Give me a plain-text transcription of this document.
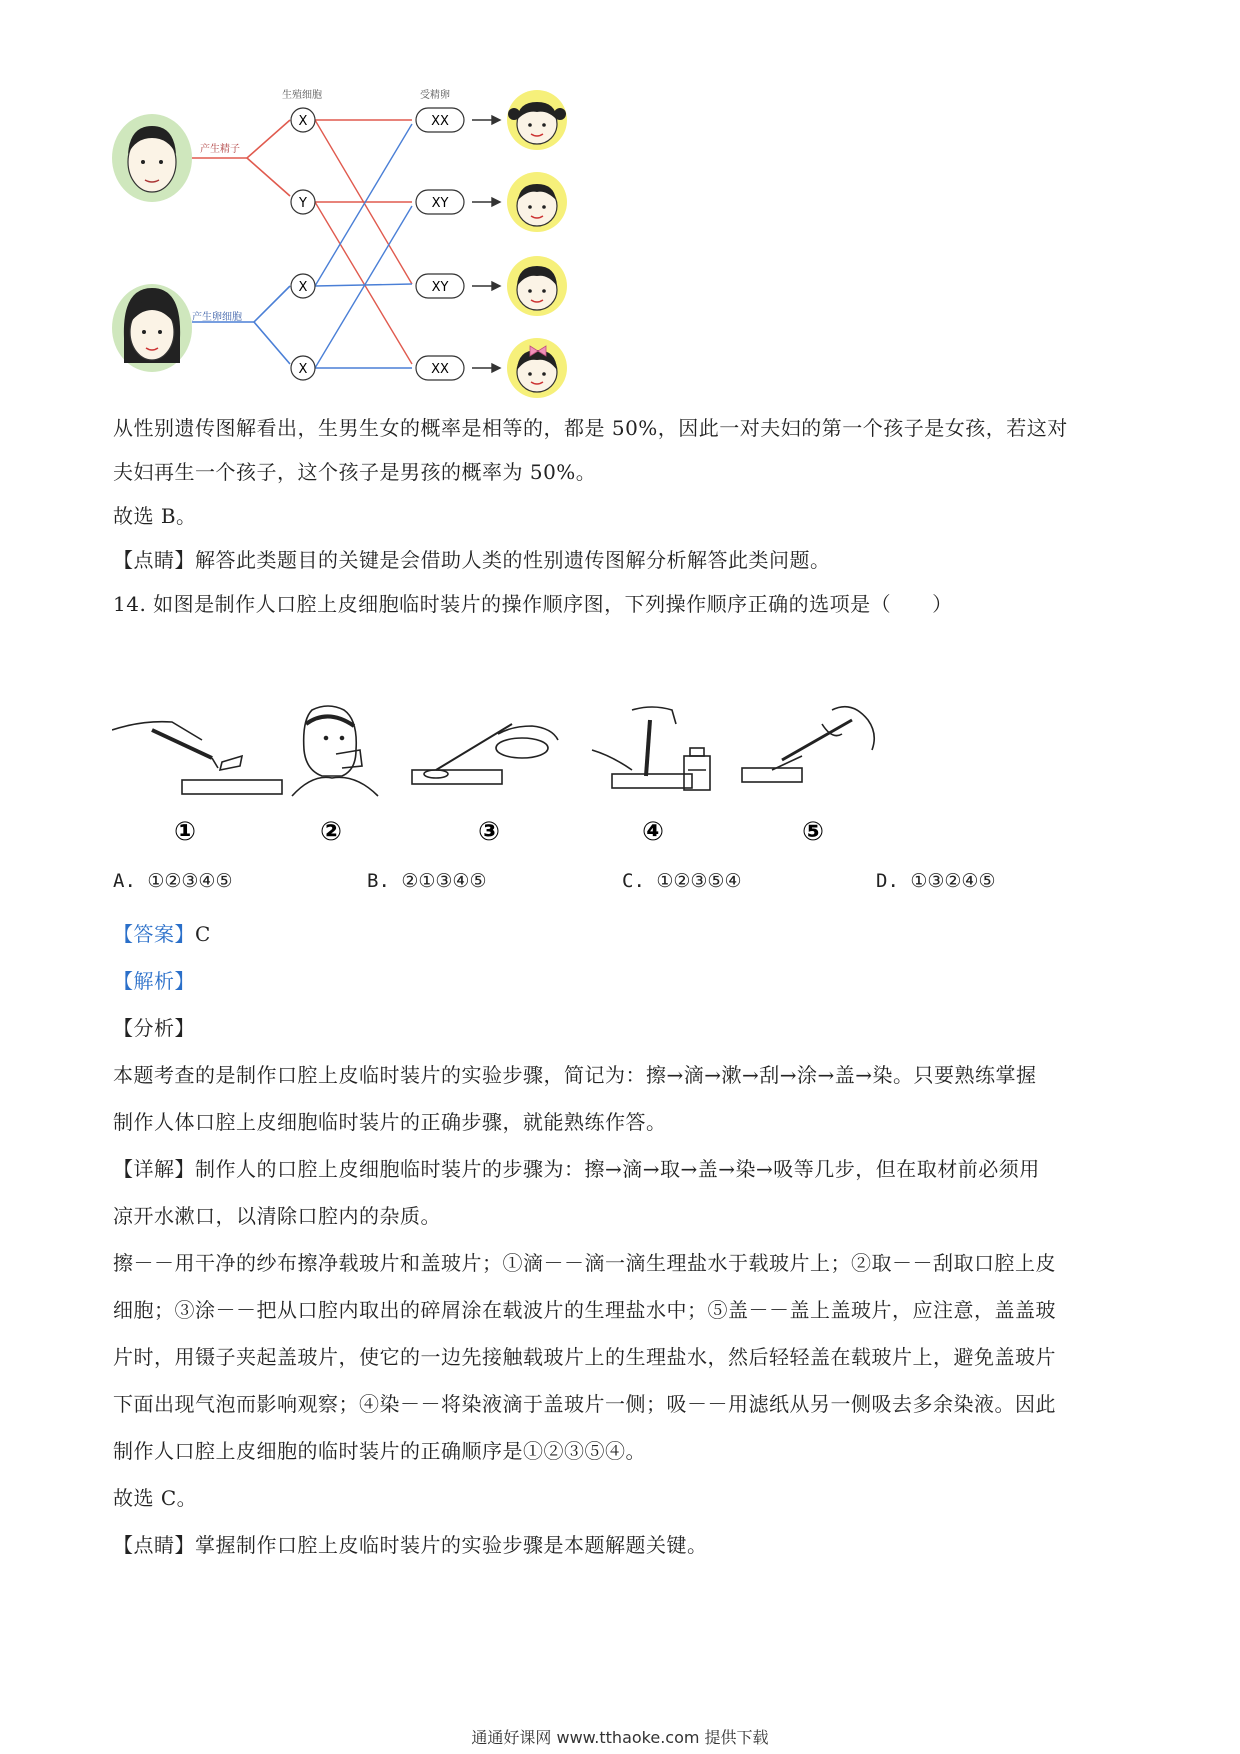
产生精子
产生卵细胞
生殖细胞	受精卵
X
Y
X
X
XX
XY
XY
XX
从性别遗传图解看出，生男生女的概率是相等的，都是 50%，因此一对夫妇的第一个孩子是女孩，若这对
夫妇再生一个孩子，这个孩子是男孩的概率为 50%。
故选 B。
【点睛】解答此类题目的关键是会借助人类的性别遗传图解分析解答此类问题。
14. 如图是制作人口腔上皮细胞临时装片的操作顺序图，下列操作顺序正确的选项是（　　）
①	②	③	④	⑤
A. ①②③④⑤	B. ②①③④⑤	C. ①②③⑤④	D. ①③②④⑤
【答案】C
【解析】
【分析】
本题考查的是制作口腔上皮临时装片的实验步骤，简记为：擦→滴→漱→刮→涂→盖→染。只要熟练掌握
制作人体口腔上皮细胞临时装片的正确步骤，就能熟练作答。
【详解】制作人的口腔上皮细胞临时装片的步骤为：擦→滴→取→盖→染→吸等几步，但在取材前必须用
凉开水漱口，以清除口腔内的杂质。
擦－－用干净的纱布擦净载玻片和盖玻片；①滴－－滴一滴生理盐水于载玻片上；②取－－刮取口腔上皮
细胞；③涂－－把从口腔内取出的碎屑涂在载波片的生理盐水中；⑤盖－－盖上盖玻片，应注意，盖盖玻
片时，用镊子夹起盖玻片，使它的一边先接触载玻片上的生理盐水，然后轻轻盖在载玻片上，避免盖玻片
下面出现气泡而影响观察；④染－－将染液滴于盖玻片一侧；吸－－用滤纸从另一侧吸去多余染液。因此
制作人口腔上皮细胞的临时装片的正确顺序是①②③⑤④。
故选 C。
【点睛】掌握制作口腔上皮临时装片的实验步骤是本题解题关键。
通通好课网 www.tthaoke.com 提供下载
